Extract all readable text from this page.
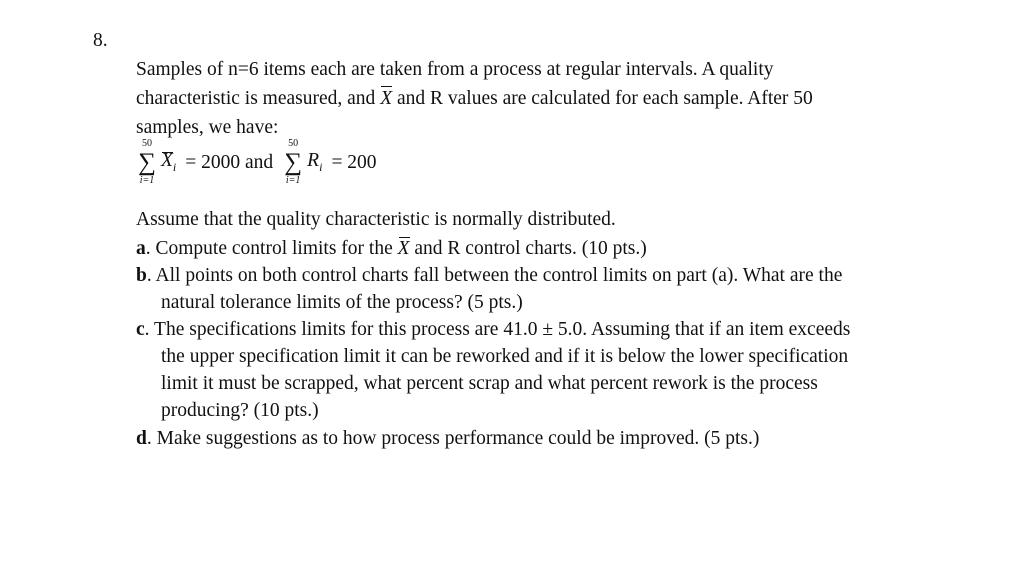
8.
Samples of n=6 items each are taken from a process at regular intervals. A quality
characteristic is measured, and X and R values are calculated for each sample. After 50
samples, we have:
50
∑
i=1
$X_i = 2000$ and
50
∑
i=1
$R_i = 200$
Assume that the quality characteristic is normally distributed.
a. Compute control limits for the X and R control charts. (10 pts.)
b. All points on both control charts fall between the control limits on part (a). What are the
natural tolerance limits of the process? (5 pts.)
c. The specifications limits for this process are 41.0 ± 5.0. Assuming that if an item exceeds
the upper specification limit it can be reworked and if it is below the lower specification
limit it must be scrapped, what percent scrap and what percent rework is the process
producing? (10 pts.)
d. Make suggestions as to how process performance could be improved. (5 pts.)
